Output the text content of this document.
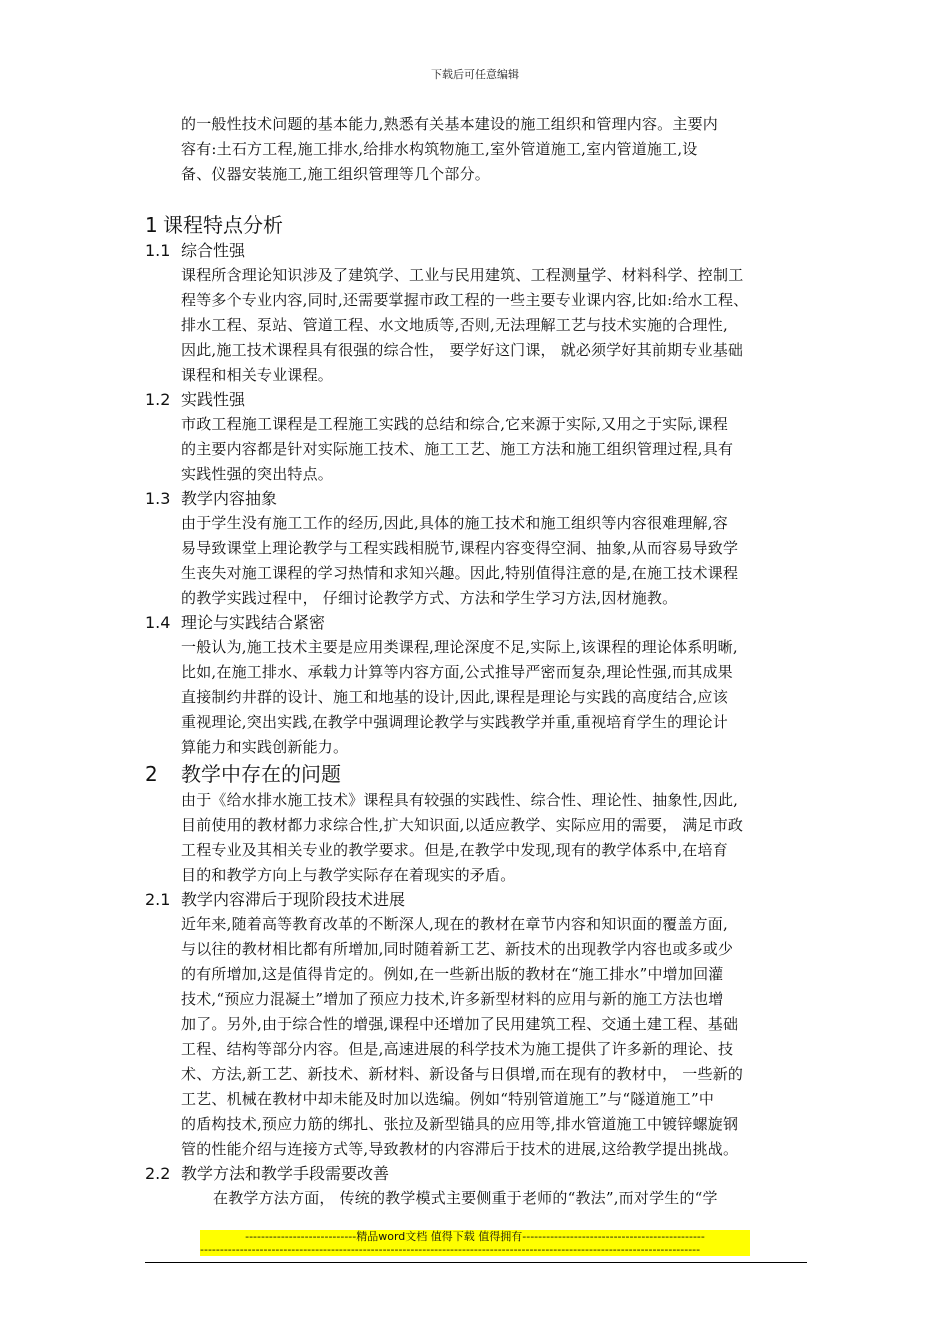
下载后可任意编辑

的一般性技术问题的基本能力,熟悉有关基本建设的施工组织和管理内容。主要内

容有:土石方工程,施工排水,给排水构筑物施工,室外管道施工,室内管道施工,设

备、仪器安装施工,施工组织管理等几个部分。

1 课程特点分析
1.1 综合性强

课程所含理论知识涉及了建筑学、工业与民用建筑、工程测量学、材料科学、控制工

程等多个专业内容,同时,还需要掌握市政工程的一些主要专业课内容,比如:给水工程、

排水工程、泵站、管道工程、水文地质等,否则,无法理解工艺与技术实施的合理性,

因此,施工技术课程具有很强的综合性， 要学好这门课， 就必须学好其前期专业基础

课程和相关专业课程。

1.2 实践性强

市政工程施工课程是工程施工实践的总结和综合,它来源于实际,又用之于实际,课程

的主要内容都是针对实际施工技术、施工工艺、施工方法和施工组织管理过程,具有

实践性强的突出特点。

1.3 教学内容抽象

由于学生没有施工工作的经历,因此,具体的施工技术和施工组织等内容很难理解,容

易导致课堂上理论教学与工程实践相脱节,课程内容变得空洞、抽象,从而容易导致学

生丧失对施工课程的学习热情和求知兴趣。因此,特别值得注意的是,在施工技术课程

的教学实践过程中， 仔细讨论教学方式、方法和学生学习方法,因材施教。

1.4 理论与实践结合紧密

一般认为,施工技术主要是应用类课程,理论深度不足,实际上,该课程的理论体系明晰,

比如,在施工排水、承载力计算等内容方面,公式推导严密而复杂,理论性强,而其成果

直接制约井群的设计、施工和地基的设计,因此,课程是理论与实践的高度结合,应该

重视理论,突出实践,在教学中强调理论教学与实践教学并重,重视培育学生的理论计

算能力和实践创新能力。

2 教学中存在的问题

由于《给水排水施工技术》课程具有较强的实践性、综合性、理论性、抽象性,因此,

目前使用的教材都力求综合性,扩大知识面,以适应教学、实际应用的需要， 满足市政

工程专业及其相关专业的教学要求。但是,在教学中发现,现有的教学体系中,在培育

目的和教学方向上与教学实际存在着现实的矛盾。

2.1 教学内容滞后于现阶段技术进展

近年来,随着高等教育改革的不断深人,现在的教材在章节内容和知识面的覆盖方面,

与以往的教材相比都有所增加,同时随着新工艺、新技术的出现教学内容也或多或少

的有所增加,这是值得肯定的。例如,在一些新出版的教材在“施工排水”中增加回灌

技术,“预应力混凝土”增加了预应力技术,许多新型材料的应用与新的施工方法也增

加了。另外,由于综合性的增强,课程中还增加了民用建筑工程、交通土建工程、基础

工程、结构等部分内容。但是,高速进展的科学技术为施工提供了许多新的理论、技

术、方法,新工艺、新技术、新材料、新设备与日俱增,而在现有的教材中， 一些新的

工艺、机械在教材中却未能及时加以选编。例如“特别管道施工”与“隧道施工”中

的盾构技术,预应力筋的绑扎、张拉及新型锚具的应用等,排水管道施工中镀锌螺旋钢

管的性能介绍与连接方式等,导致教材的内容滞后于技术的进展,这给教学提出挑战。

2.2 教学方法和教学手段需要改善

在教学方法方面， 传统的教学模式主要侧重于老师的“教法”,而对学生的“学

----------------------------精品word文档 值得下载 值得拥有----------------------------------------------
------------------------------------------------------------------------------------------------------------------------------
